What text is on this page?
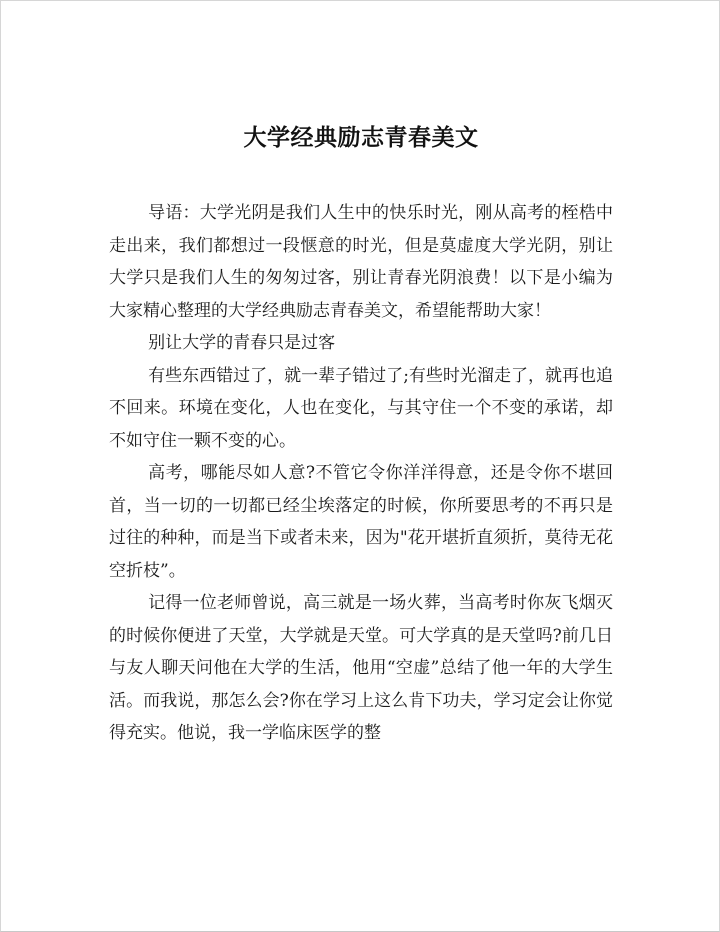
大学经典励志青春美文

导语：大学光阴是我们人生中的快乐时光，刚从高考的桎梏中走出来，我们都想过一段惬意的时光，但是莫虚度大学光阴，别让大学只是我们人生的匆匆过客，别让青春光阴浪费！以下是小编为大家精心整理的大学经典励志青春美文，希望能帮助大家！

别让大学的青春只是过客

有些东西错过了，就一辈子错过了;有些时光溜走了，就再也追不回来。环境在变化，人也在变化，与其守住一个不变的承诺，却不如守住一颗不变的心。

高考，哪能尽如人意?不管它令你洋洋得意，还是令你不堪回首，当一切的一切都已经尘埃落定的时候，你所要思考的不再只是过往的种种，而是当下或者未来，因为"花开堪折直须折，莫待无花空折枝”。

记得一位老师曾说，高三就是一场火葬，当高考时你灰飞烟灭的时候你便进了天堂，大学就是天堂。可大学真的是天堂吗?前几日与友人聊天问他在大学的生活，他用“空虚”总结了他一年的大学生活。而我说，那怎么会?你在学习上这么肯下功夫，学习定会让你觉得充实。他说，我一学临床医学的整
